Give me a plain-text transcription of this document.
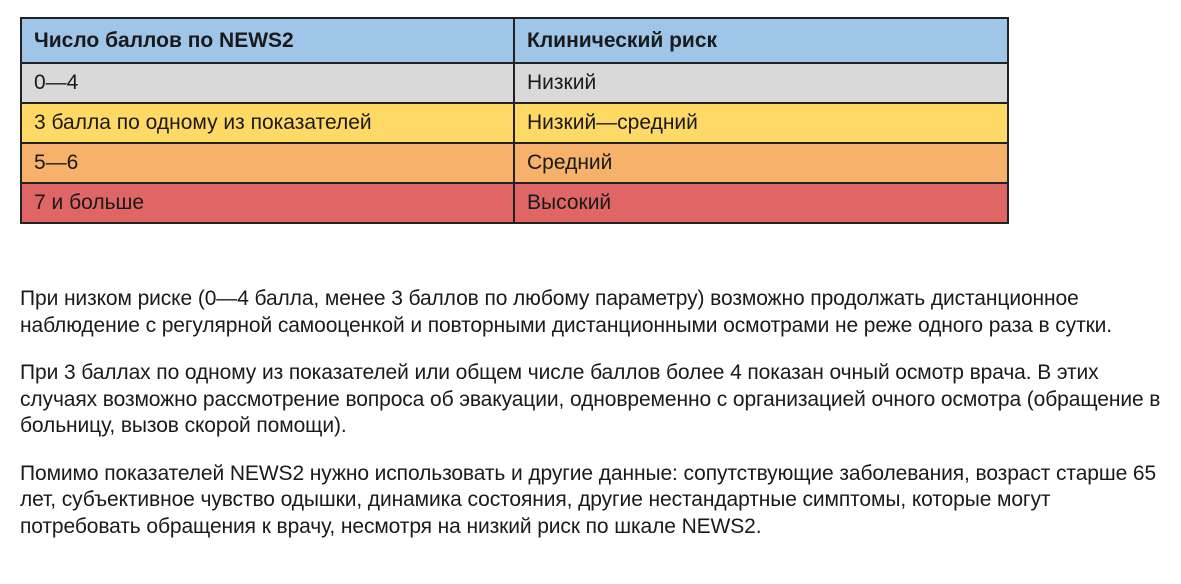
Число баллов по NEWS2	Клинический риск
0—4	Низкий
3 балла по одному из показателей	Низкий—средний
5—6	Средний
7 и больше	Высокий

При низком риске (0—4 балла, менее 3 баллов по любому параметру) возможно продолжать дистанционное наблюдение с регулярной самооценкой и повторными дистанционными осмотрами не реже одного раза в сутки.

При 3 баллах по одному из показателей или общем числе баллов более 4 показан очный осмотр врача. В этих случаях возможно рассмотрение вопроса об эвакуации, одновременно с организацией очного осмотра (обращение в больницу, вызов скорой помощи).

Помимо показателей NEWS2 нужно использовать и другие данные: сопутствующие заболевания, возраст старше 65 лет, субъективное чувство одышки, динамика состояния, другие нестандартные симптомы, которые могут потребовать обращения к врачу, несмотря на низкий риск по шкале NEWS2.
